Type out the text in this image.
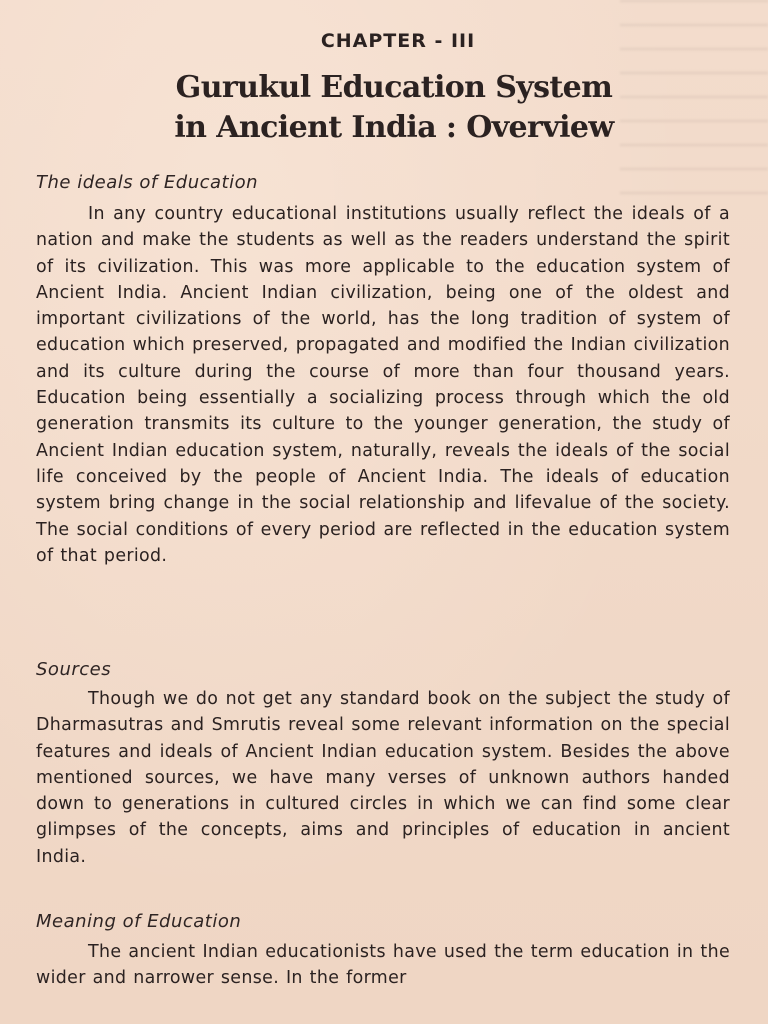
CHAPTER - III
Gurukul Education System
in Ancient India : Overview
The ideals of Education
In any country educational institutions usually reflect the ideals of a nation and make the students as well as the readers understand the spirit of its civilization. This was more applicable to the education system of Ancient India. Ancient Indian civilization, being one of the oldest and important civilizations of the world, has the long tradition of system of education which preserved, propagated and modified the Indian civilization and its culture during the course of more than four thousand years. Education being essentially a socializing process through which the old generation transmits its culture to the younger generation, the study of Ancient Indian education system, naturally, reveals the ideals of the social life conceived by the people of Ancient India. The ideals of education system bring change in the social relationship and lifevalue of the society. The social conditions of every period are reflected in the education system of that period.
Sources
Though we do not get any standard book on the subject the study of Dharmasutras and Smrutis reveal some relevant information on the special features and ideals of Ancient Indian education system. Besides the above mentioned sources, we have many verses of unknown authors handed down to generations in cultured circles in which we can find some clear glimpses of the concepts, aims and principles of education in ancient India.
Meaning of Education
The ancient Indian educationists have used the term education in the wider and narrower sense. In the former
